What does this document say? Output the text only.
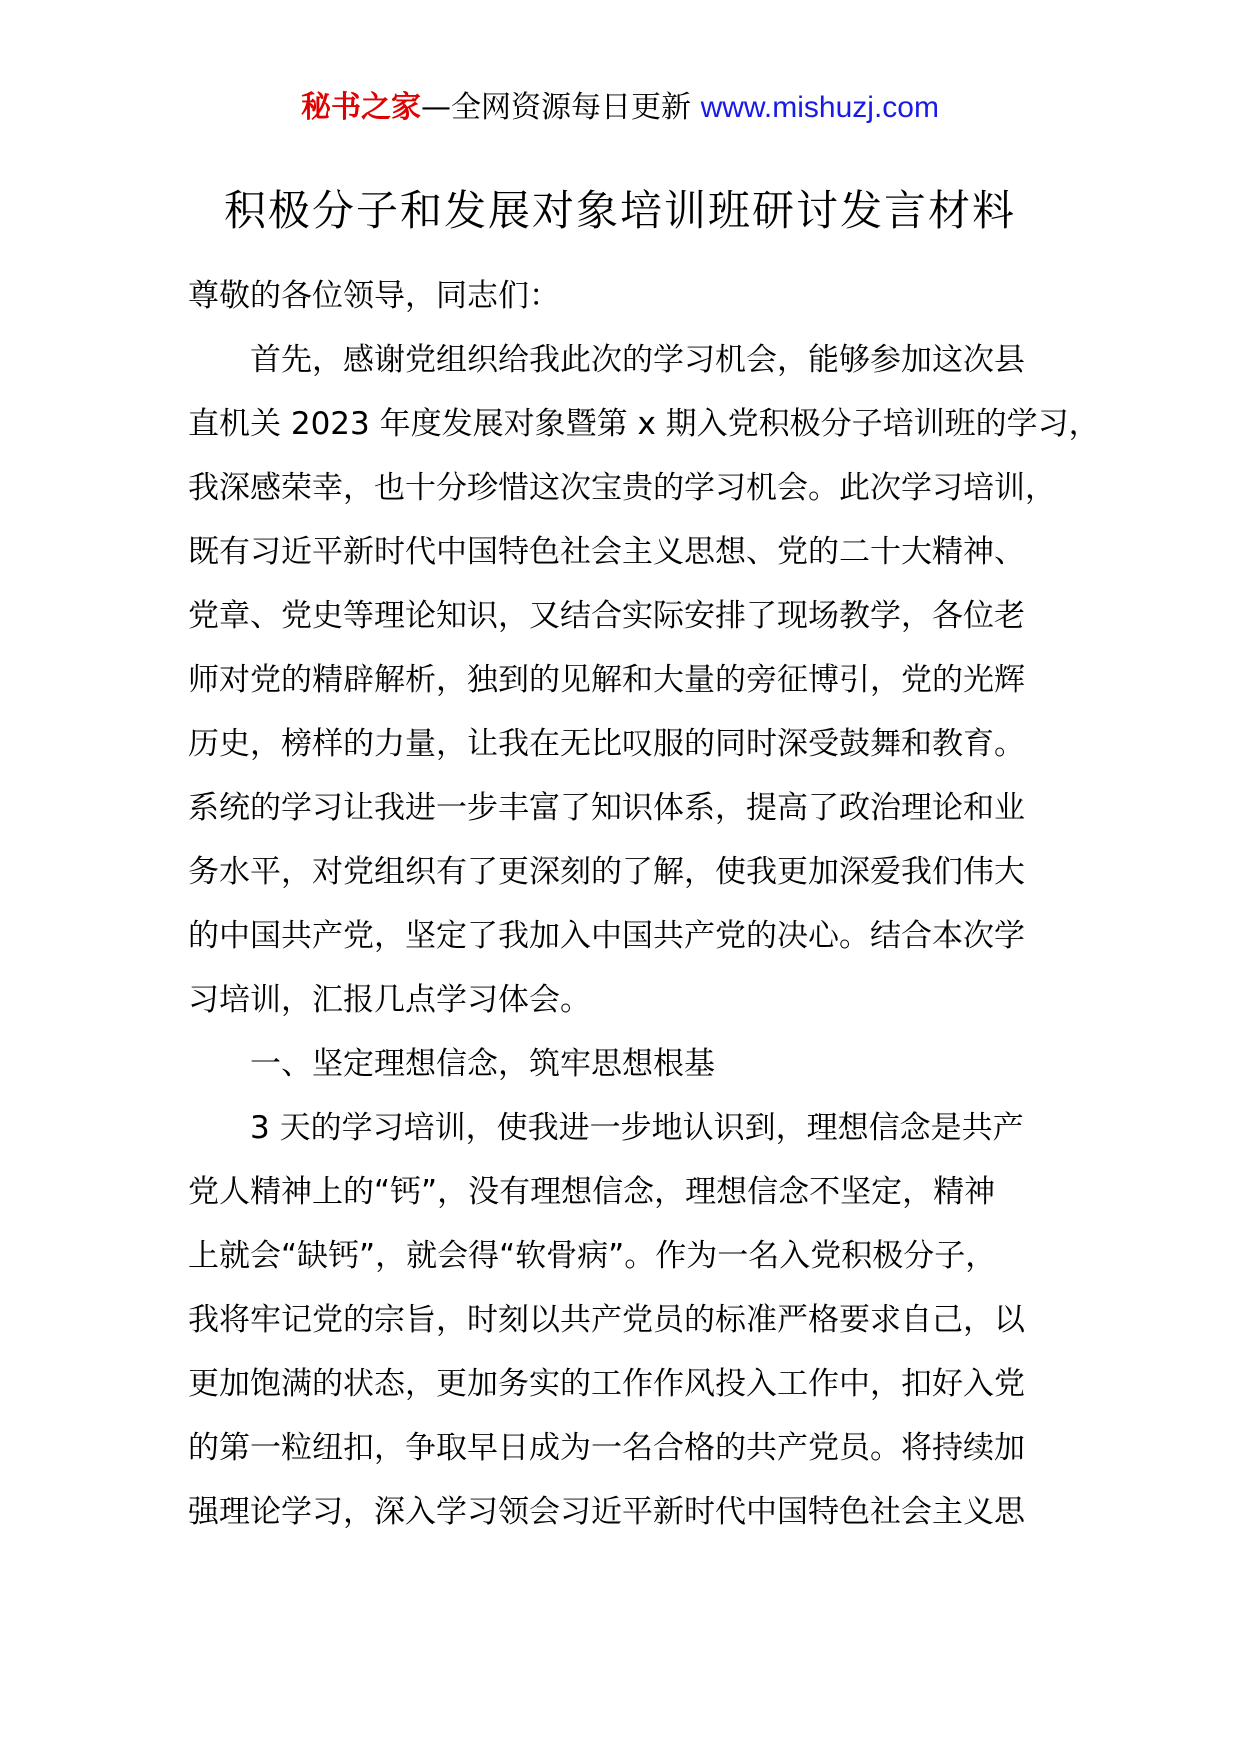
秘书之家—全网资源每日更新 www.mishuzj.com
积极分子和发展对象培训班研讨发言材料
尊敬的各位领导，同志们：
首先，感谢党组织给我此次的学习机会，能够参加这次县
直机关 2023 年度发展对象暨第 x 期入党积极分子培训班的学习，
我深感荣幸，也十分珍惜这次宝贵的学习机会。此次学习培训，
既有习近平新时代中国特色社会主义思想、党的二十大精神、
党章、党史等理论知识，又结合实际安排了现场教学，各位老
师对党的精辟解析，独到的见解和大量的旁征博引，党的光辉
历史，榜样的力量，让我在无比叹服的同时深受鼓舞和教育。
系统的学习让我进一步丰富了知识体系，提高了政治理论和业
务水平，对党组织有了更深刻的了解，使我更加深爱我们伟大
的中国共产党，坚定了我加入中国共产党的决心。结合本次学
习培训，汇报几点学习体会。
一、坚定理想信念，筑牢思想根基
3 天的学习培训，使我进一步地认识到，理想信念是共产
党人精神上的“钙”，没有理想信念，理想信念不坚定，精神
上就会“缺钙”，就会得“软骨病”。作为一名入党积极分子，
我将牢记党的宗旨，时刻以共产党员的标准严格要求自己，以
更加饱满的状态，更加务实的工作作风投入工作中，扣好入党
的第一粒纽扣，争取早日成为一名合格的共产党员。将持续加
强理论学习，深入学习领会习近平新时代中国特色社会主义思
